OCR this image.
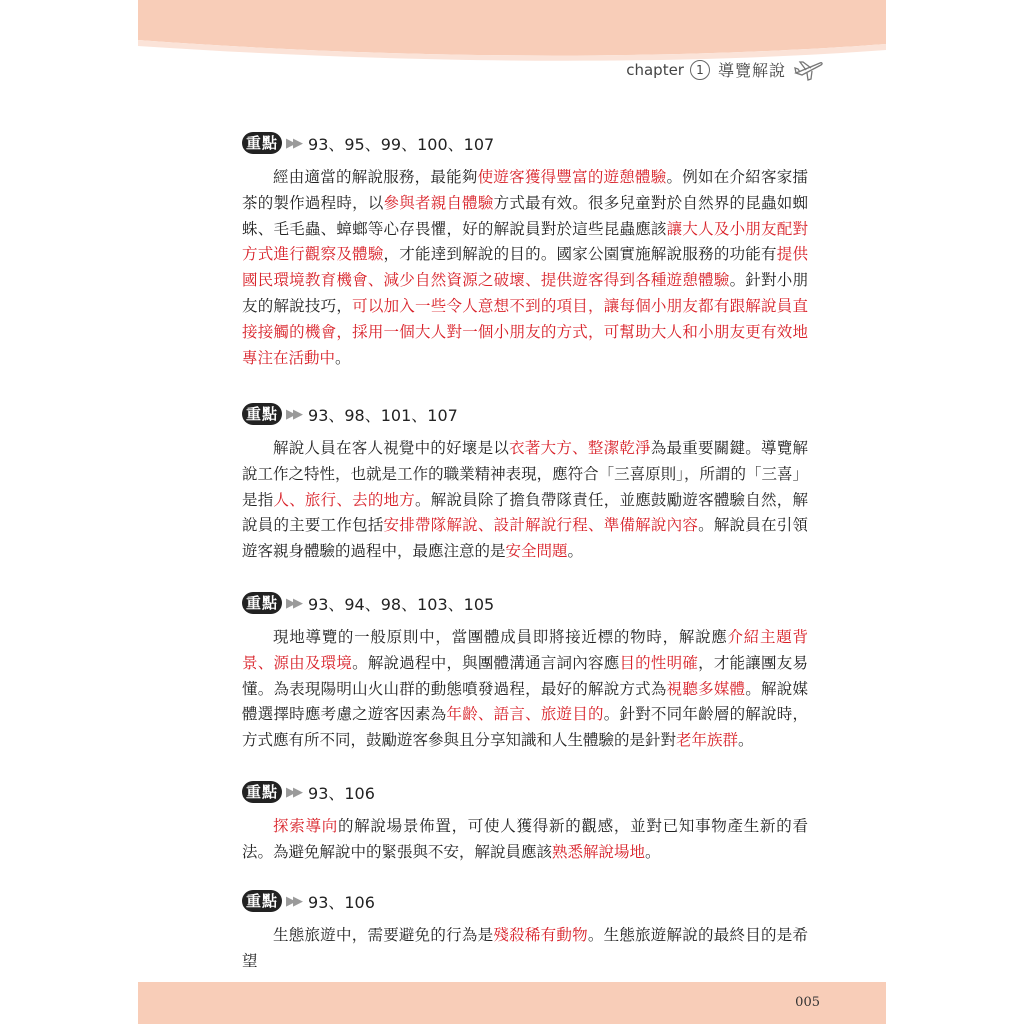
chapter	1 導覽解說
重點 ▶▶ 93、95、99、100、107

經由適當的解說服務，最能夠使遊客獲得豐富的遊憩體驗。例如在介紹客家擂茶的製作過程時，以參與者親自體驗方式最有效。很多兒童對於自然界的昆蟲如蜘蛛、毛毛蟲、蟑螂等心存畏懼，好的解說員對於這些昆蟲應該讓大人及小朋友配對方式進行觀察及體驗，才能達到解說的目的。國家公園實施解說服務的功能有提供國民環境教育機會、減少自然資源之破壞、提供遊客得到各種遊憩體驗。針對小朋友的解說技巧，可以加入一些令人意想不到的項目，讓每個小朋友都有跟解說員直接接觸的機會，採用一個大人對一個小朋友的方式，可幫助大人和小朋友更有效地專注在活動中。

重點 ▶▶ 93、98、101、107

解說人員在客人視覺中的好壞是以衣著大方、整潔乾淨為最重要關鍵。導覽解說工作之特性，也就是工作的職業精神表現，應符合「三喜原則」，所謂的「三喜」是指人、旅行、去的地方。解說員除了擔負帶隊責任，並應鼓勵遊客體驗自然，解說員的主要工作包括安排帶隊解說、設計解說行程、準備解說內容。解說員在引領遊客親身體驗的過程中，最應注意的是安全問題。

重點 ▶▶ 93、94、98、103、105

現地導覽的一般原則中，當團體成員即將接近標的物時，解說應介紹主題背景、源由及環境。解說過程中，與團體溝通言詞內容應目的性明確，才能讓團友易懂。為表現陽明山火山群的動態噴發過程，最好的解說方式為視聽多媒體。解說媒體選擇時應考慮之遊客因素為年齡、語言、旅遊目的。針對不同年齡層的解說時，方式應有所不同，鼓勵遊客參與且分享知識和人生體驗的是針對老年族群。

重點 ▶▶ 93、106

探索導向的解說場景佈置，可使人獲得新的觀感，並對已知事物產生新的看法。為避免解說中的緊張與不安，解說員應該熟悉解說場地。

重點 ▶▶ 93、106

生態旅遊中，需要避免的行為是殘殺稀有動物。生態旅遊解說的最終目的是希望

005
